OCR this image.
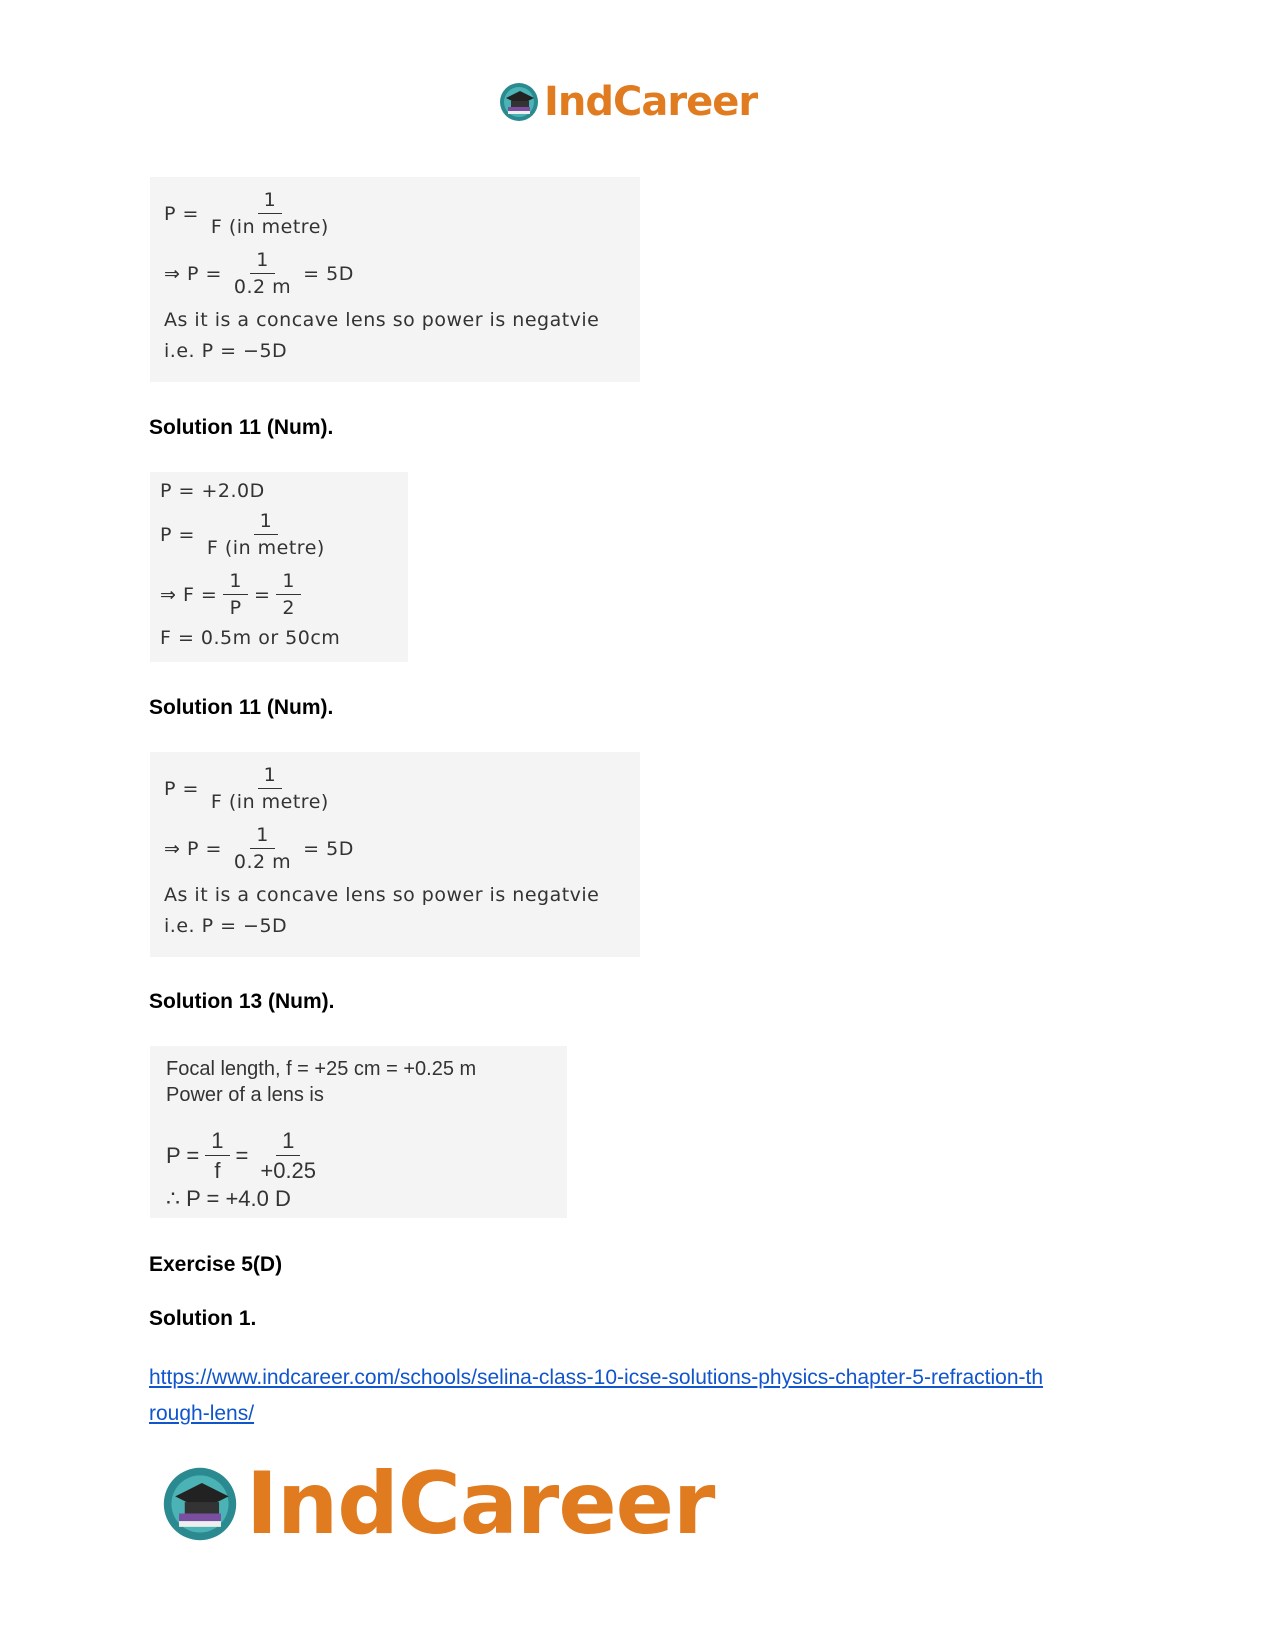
IndCareer
$P = \frac{1}{\text{F (in metre)}}$
⇒ $P = \frac{1}{0.2 m} = 5D$
As it is a concave lens so power is negatvie
i.e. P = −5D
Solution 11 (Num).
P = +2.0D
$P = \frac{1}{\text{F (in metre)}}$
⇒ $F = \frac{1}{P} = \frac{1}{2}$
F = 0.5m or 50cm
Solution 11 (Num).
$P = \frac{1}{\text{F (in metre)}}$
⇒ $P = \frac{1}{0.2 m} = 5D$
As it is a concave lens so power is negatvie
i.e. P = −5D
Solution 13 (Num).
Focal length, f = +25 cm = +0.25 m
Power of a lens is
$P = \frac{1}{f} = \frac{1}{+0.25}$
∴ P = +4.0 D
Exercise 5(D)
Solution 1.
https://www.indcareer.com/schools/selina-class-10-icse-solutions-physics-chapter-5-refraction-th
rough-lens/
IndCareer
